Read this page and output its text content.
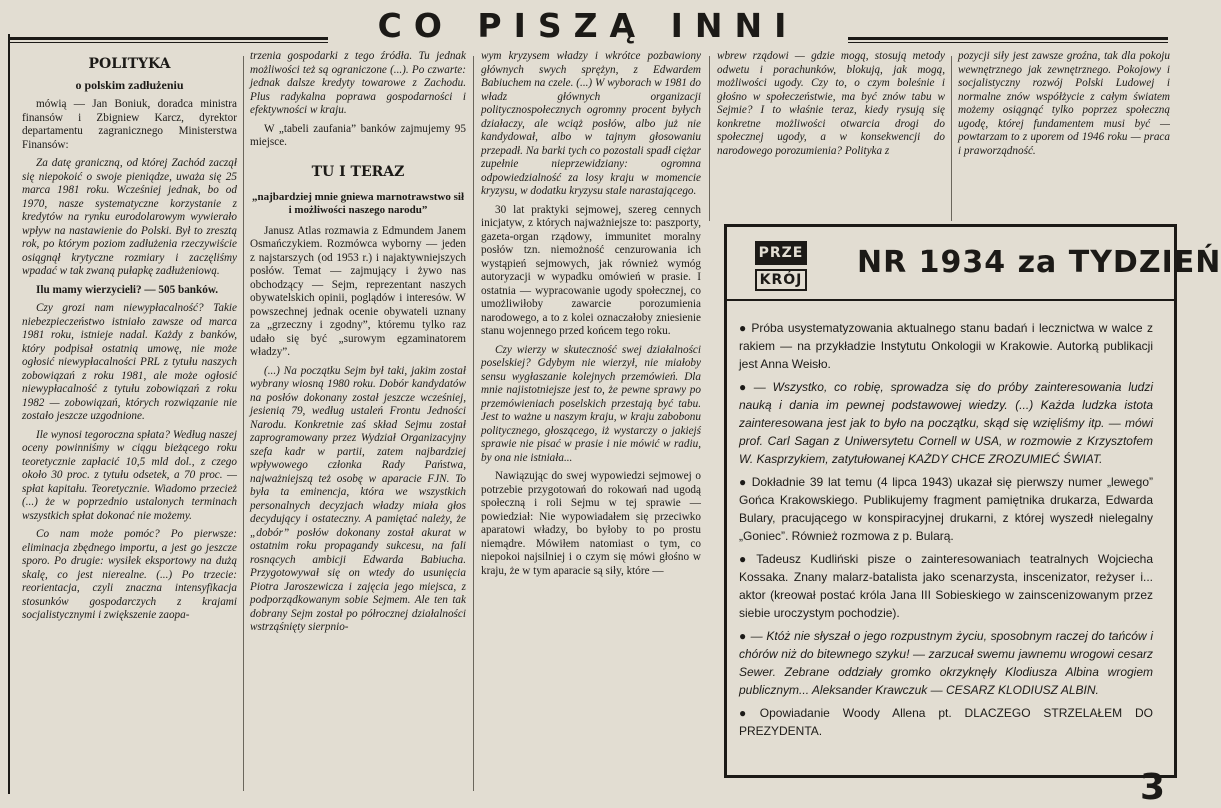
CO PISZĄ INNI

POLITYKA

o polskim zadłużeniu

mówią — Jan Boniuk, doradca ministra finansów i Zbigniew Karcz, dyrektor departamentu zagranicznego Ministerstwa Finansów:

Za datę graniczną, od której Zachód zaczął się niepokoić o swoje pieniądze, uważa się 25 marca 1981 roku. Wcześniej jednak, bo od 1970, nasze systematyczne korzystanie z kredytów na rynku eurodolarowym wywierało wpływ na nastawienie do Polski. Był to zresztą rok, po którym poziom zadłużenia rzeczywiście osiągnął krytyczne rozmiary i zaczęliśmy wpadać w tak zwaną pułapkę zadłużeniową.

Ilu mamy wierzycieli? — 505 banków.

Czy grozi nam niewypłacalność? Takie niebezpieczeństwo istniało zawsze od marca 1981 roku, istnieje nadal. Każdy z banków, który podpisał ostatnią umowę, nie może ogłosić niewypłacalności PRL z tytułu naszych zobowiązań z roku 1981, ale może ogłosić niewypłacalność z tytułu zobowiązań z roku 1982 — zobowiązań, których rozwiązanie nie zostało jeszcze uzgodnione.

Ile wynosi tegoroczna spłata? Według naszej oceny powinniśmy w ciągu bieżącego roku teoretycznie zapłacić 10,5 mld dol., z czego około 30 proc. z tytułu odsetek, a 70 proc. — spłat kapitału. Teoretycznie. Wiadomo przecież (...) że w poprzednio ustalonych terminach wszystkich spłat dokonać nie możemy.

Co nam może pomóc? Po pierwsze: eliminacja zbędnego importu, a jest go jeszcze sporo. Po drugie: wysiłek eksportowy na dużą skalę, co jest nierealne. (...) Po trzecie: reorientacja, czyli znaczna intensyfikacja stosunków gospodarczych z krajami socjalistycznymi i zwiększenie zaopa-

trzenia gospodarki z tego źródła. Tu jednak możliwości też są ograniczone (...). Po czwarte: jednak dalsze kredyty towarowe z Zachodu. Plus radykalna poprawa gospodarności i efektywności w kraju.

W „tabeli zaufania” banków zajmujemy 95 miejsce.

TU I TERAZ

„najbardziej mnie gniewa marnotrawstwo sił i możliwości naszego narodu”

Janusz Atlas rozmawia z Edmundem Janem Osmańczykiem. Rozmówca wyborny — jeden z najstarszych (od 1953 r.) i najaktywniejszych posłów. Temat — zajmujący i żywo nas obchodzący — Sejm, reprezentant naszych obywatelskich opinii, poglądów i interesów. W powszechnej jednak ocenie obywateli uznany za „grzeczny i zgodny”, któremu tylko raz udało się być „surowym egzaminatorem władzy”.

(...) Na początku Sejm był taki, jakim został wybrany wiosną 1980 roku. Dobór kandydatów na posłów dokonany został jeszcze wcześniej, jesienią 79, według ustaleń Frontu Jedności Narodu. Konkretnie zaś skład Sejmu został zaprogramowany przez Wydział Organizacyjny szefa kadr w partii, zatem najbardziej wpływowego członka Rady Państwa, najważniejszą też osobę w aparacie FJN. To była ta eminencja, która we wszystkich personalnych decyzjach władzy miała głos decydujący i ostateczny. A pamiętać należy, że „dobór” posłów dokonany został akurat w ostatnim roku propagandy sukcesu, na fali rosnących ambicji Edwarda Babiucha. Przygotowywał się on wtedy do usunięcia Piotra Jaroszewicza i zajęcia jego miejsca, z podporządkowanym sobie Sejmem. Ale ten tak dobrany Sejm został po półrocznej działalności wstrząśnięty sierpnio-

wym kryzysem władzy i wkrótce pozbawiony głównych swych sprężyn, z Edwardem Babiuchem na czele. (...) W wyborach w 1981 do władz głównych organizacji politycznospołecznych ogromny procent byłych działaczy, ale wciąż posłów, albo już nie kandydował, albo w tajnym głosowaniu przepadł. Na barki tych co pozostali spadł ciężar zupełnie nieprzewidziany: ogromna odpowiedzialność za losy kraju w momencie kryzysu, w dodatku kryzysu stale narastającego.

30 lat praktyki sejmowej, szereg cennych inicjatyw, z których najważniejsze to: paszporty, gazeta-organ rządowy, immunitet moralny posłów tzn. niemożność cenzurowania ich wystąpień sejmowych, jak również wymóg autoryzacji w wypadku omówień w prasie. I ostatnia — wypracowanie ugody społecznej, co umożliwiłoby zawarcie porozumienia narodowego, a to z kolei oznaczałoby zniesienie stanu wojennego przed końcem tego roku.

Czy wierzy w skuteczność swej działalności poselskiej? Gdybym nie wierzył, nie miałoby sensu wygłaszanie kolejnych przemówień. Dla mnie najistotniejsze jest to, że pewne sprawy po przemówieniach poselskich przestają być tabu. Jest to ważne u naszym kraju, w kraju zabobonu politycznego, głoszącego, iż wystarczy o jakiejś sprawie nie pisać w prasie i nie mówić w radiu, by ona nie istniała...

Nawiązując do swej wypowiedzi sejmowej o potrzebie przygotowań do rokowań nad ugodą społeczną i roli Sejmu w tej sprawie — powiedział: Nie wypowiadałem się przeciwko aparatowi władzy, bo byłoby to po prostu niemądre. Mówiłem natomiast o tym, co niepokoi najsilniej i o czym się mówi głośno w kraju, że w tym aparacie są siły, które —

wbrew rządowi — gdzie mogą, stosują metody odwetu i porachunków, blokują, jak mogą, możliwości ugody. Czy to, o czym boleśnie i głośno w społeczeństwie, ma być znów tabu w Sejmie? I to właśnie teraz, kiedy rysują się konkretne możliwości otwarcia drogi do społecznej ugody, a w konsekwencji do narodowego porozumienia? Polityka z

pozycji siły jest zawsze groźna, tak dla pokoju wewnętrznego jak zewnętrznego. Pokojowy i socjalistyczny rozwój Polski Ludowej i normalne znów współżycie z całym światem możemy osiągnąć tylko poprzez społeczną ugodę, której fundamentem musi być — powtarzam to z uporem od 1946 roku — praca i praworządność.

PRZE
KRÓJ NR 1934 za TYDZIEŃ

● Próba usystematyzowania aktualnego stanu badań i lecznictwa w walce z rakiem — na przykładzie Instytutu Onkologii w Krakowie. Autorką publikacji jest Anna Weisło.

● — Wszystko, co robię, sprowadza się do próby zainteresowania ludzi nauką i dania im pewnej podstawowej wiedzy. (...) Każda ludzka istota zainteresowana jest jak to było na początku, skąd się wzięliśmy itp. — mówi prof. Carl Sagan z Uniwersytetu Cornell w USA, w rozmowie z Krzysztofem W. Kasprzykiem, zatytułowanej KAŻDY CHCE ZROZUMIEĆ ŚWIAT.

● Dokładnie 39 lat temu (4 lipca 1943) ukazał się pierwszy numer „lewego” Gońca Krakowskiego. Publikujemy fragment pamiętnika drukarza, Edwarda Bulary, pracującego w konspiracyjnej drukarni, z której wyszedł nielegalny „Goniec”. Również rozmowa z p. Bularą.

● Tadeusz Kudliński pisze o zainteresowaniach teatralnych Wojciecha Kossaka. Znany malarz-batalista jako scenarzysta, inscenizator, reżyser i... aktor (kreował postać króla Jana III Sobieskiego w zainscenizowanym przez siebie uroczystym pochodzie).

● — Któż nie słyszał o jego rozpustnym życiu, sposobnym raczej do tańców i chórów niż do bitewnego szyku! — zarzucał swemu jawnemu wrogowi cesarz Sewer. Zebrane oddziały gromko okrzyknęły Klodiusza Albina wrogiem publicznym... Aleksander Krawczuk — CESARZ KLODIUSZ ALBIN.

● Opowiadanie Woody Allena pt. DLACZEGO STRZELAŁEM DO PREZYDENTA.

3
